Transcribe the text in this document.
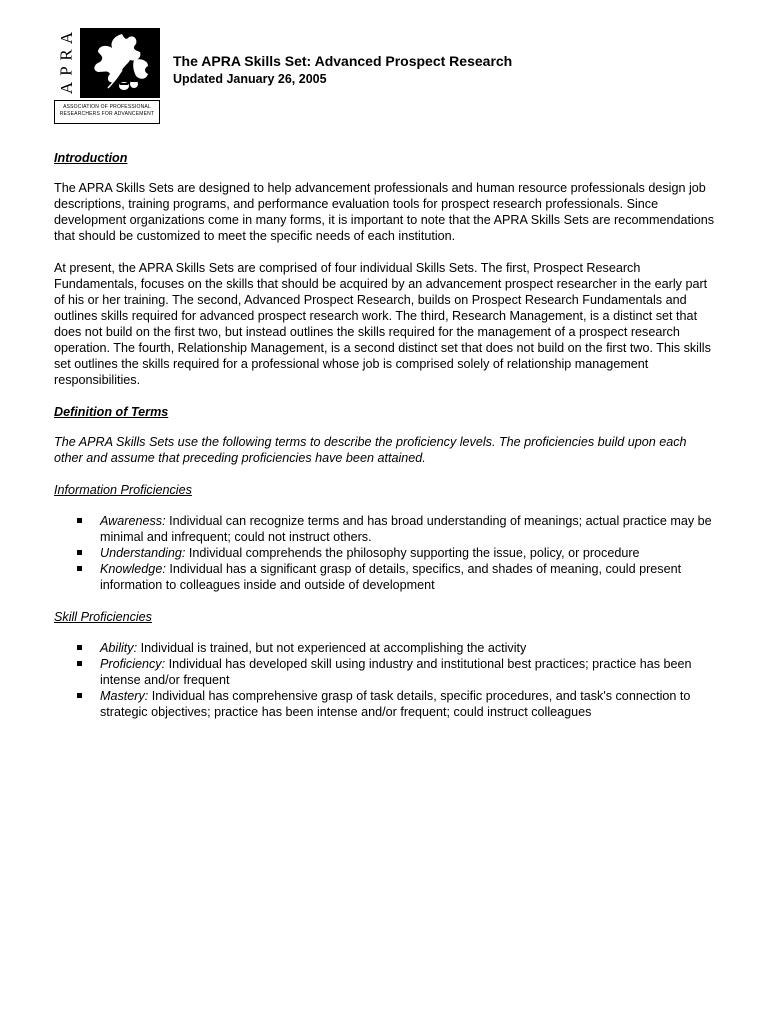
A
R
P
A
ASSOCIATION OF PROFESSIONAL
RESEARCHERS FOR ADVANCEMENT
The APRA Skills Set: Advanced Prospect Research
Updated January 26, 2005

Introduction

The APRA Skills Sets are designed to help advancement professionals and human resource professionals design job descriptions, training programs, and performance evaluation tools for prospect research professionals. Since development organizations come in many forms, it is important to note that the APRA Skills Sets are recommendations that should be customized to meet the specific needs of each institution.

At present, the APRA Skills Sets are comprised of four individual Skills Sets. The first, Prospect Research Fundamentals, focuses on the skills that should be acquired by an advancement prospect researcher in the early part of his or her training. The second, Advanced Prospect Research, builds on Prospect Research Fundamentals and outlines skills required for advanced prospect research work. The third, Research Management, is a distinct set that does not build on the first two, but instead outlines the skills required for the management of a prospect research operation. The fourth, Relationship Management, is a second distinct set that does not build on the first two. This skills set outlines the skills required for a professional whose job is comprised solely of relationship management responsibilities.

Definition of Terms

The APRA Skills Sets use the following terms to describe the proficiency levels. The proficiencies build upon each other and assume that preceding proficiencies have been attained.

Information Proficiencies

Awareness: Individual can recognize terms and has broad understanding of meanings; actual practice may be minimal and infrequent; could not instruct others.
Understanding: Individual comprehends the philosophy supporting the issue, policy, or procedure
Knowledge: Individual has a significant grasp of details, specifics, and shades of meaning, could present information to colleagues inside and outside of development

Skill Proficiencies

Ability: Individual is trained, but not experienced at accomplishing the activity
Proficiency: Individual has developed skill using industry and institutional best practices; practice has been intense and/or frequent
Mastery: Individual has comprehensive grasp of task details, specific procedures, and task's connection to strategic objectives; practice has been intense and/or frequent; could instruct colleagues
